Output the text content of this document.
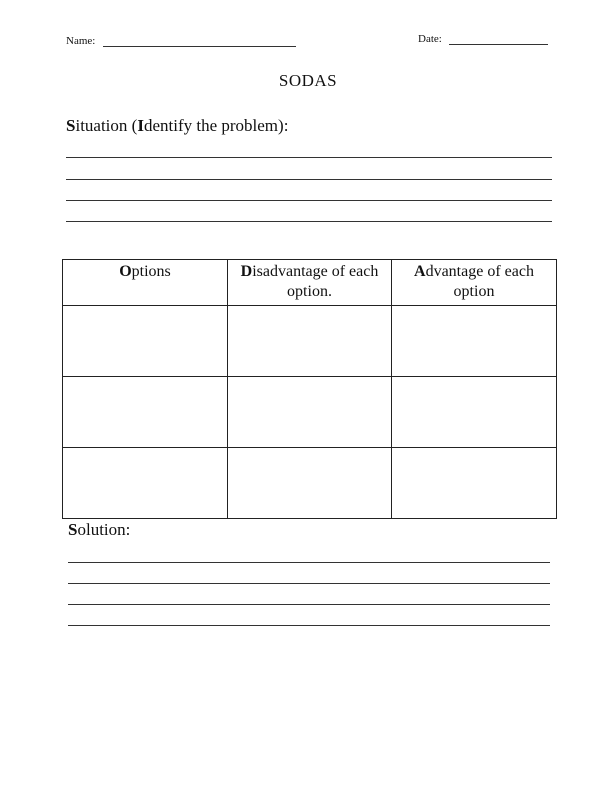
Name:	Date:
SODAS
Situation (Identify the problem):
Options	Disadvantage of each option.	Advantage of each option

Solution:
